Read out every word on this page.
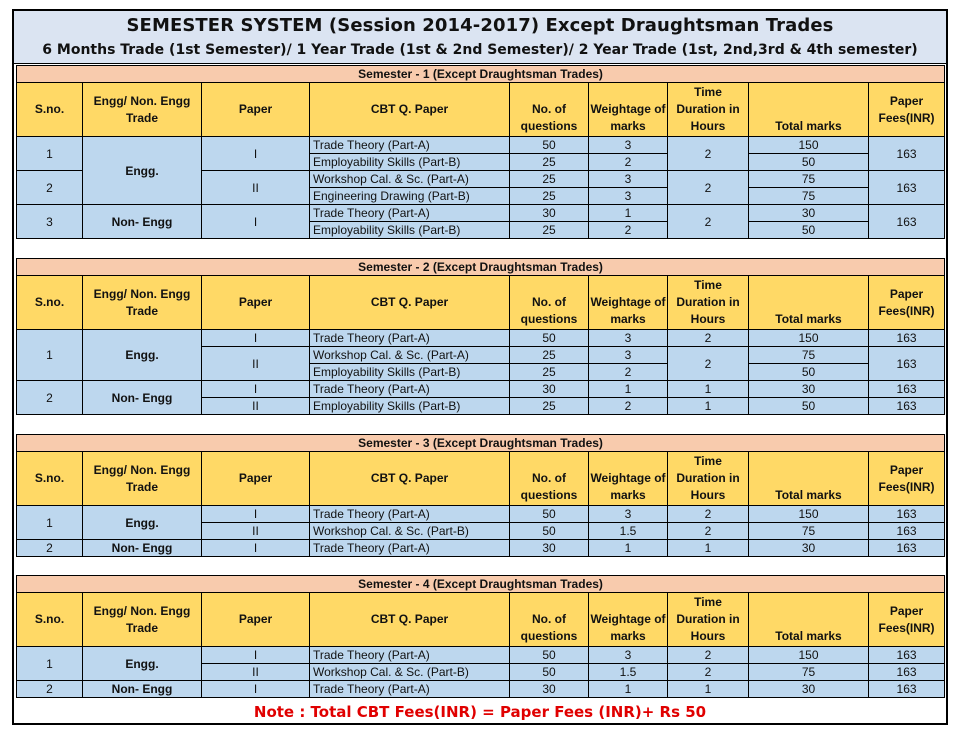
SEMESTER SYSTEM (Session 2014-2017) Except Draughtsman Trades
6 Months Trade (1st Semester)/ 1 Year Trade (1st & 2nd Semester)/ 2 Year Trade (1st, 2nd,3rd & 4th semester)
Semester - 1 (Except Draughtsman Trades)								
S.no.	Engg/ Non. Engg Trade	Paper	CBT Q. Paper	No. of questions	Weightage of marks	Time Duration in Hours	Total marks	Paper Fees(INR)
1	Engg.	I	Trade Theory (Part-A)	50	3	2	150	163
			Employability Skills (Part-B)	25	2		50	
2		II	Workshop Cal. & Sc. (Part-A)	25	3	2	75	163
			Engineering Drawing (Part-B)	25	3		75	
3	Non- Engg	I	Trade Theory (Part-A)	30	1	2	30	163
			Employability Skills (Part-B)	25	2		50	
Semester - 2 (Except Draughtsman Trades)								
S.no.	Engg/ Non. Engg Trade	Paper	CBT Q. Paper	No. of questions	Weightage of marks	Time Duration in Hours	Total marks	Paper Fees(INR)
1	Engg.	I	Trade Theory (Part-A)	50	3	2	150	163
		II	Workshop Cal. & Sc. (Part-A)	25	3	2	75	163
			Employability Skills (Part-B)	25	2		50	
2	Non- Engg	I	Trade Theory (Part-A)	30	1	1	30	163
		II	Employability Skills (Part-B)	25	2	1	50	163
Semester - 3 (Except Draughtsman Trades)								
S.no.	Engg/ Non. Engg Trade	Paper	CBT Q. Paper	No. of questions	Weightage of marks	Time Duration in Hours	Total marks	Paper Fees(INR)
1	Engg.	I	Trade Theory (Part-A)	50	3	2	150	163
		II	Workshop Cal. & Sc. (Part-B)	50	1.5	2	75	163
2	Non- Engg	I	Trade Theory (Part-A)	30	1	1	30	163
Semester - 4 (Except Draughtsman Trades)								
S.no.	Engg/ Non. Engg Trade	Paper	CBT Q. Paper	No. of questions	Weightage of marks	Time Duration in Hours	Total marks	Paper Fees(INR)
1	Engg.	I	Trade Theory (Part-A)	50	3	2	150	163
		II	Workshop Cal. & Sc. (Part-B)	50	1.5	2	75	163
2	Non- Engg	I	Trade Theory (Part-A)	30	1	1	30	163
Note : Total CBT Fees(INR) = Paper Fees (INR)+ Rs 50
